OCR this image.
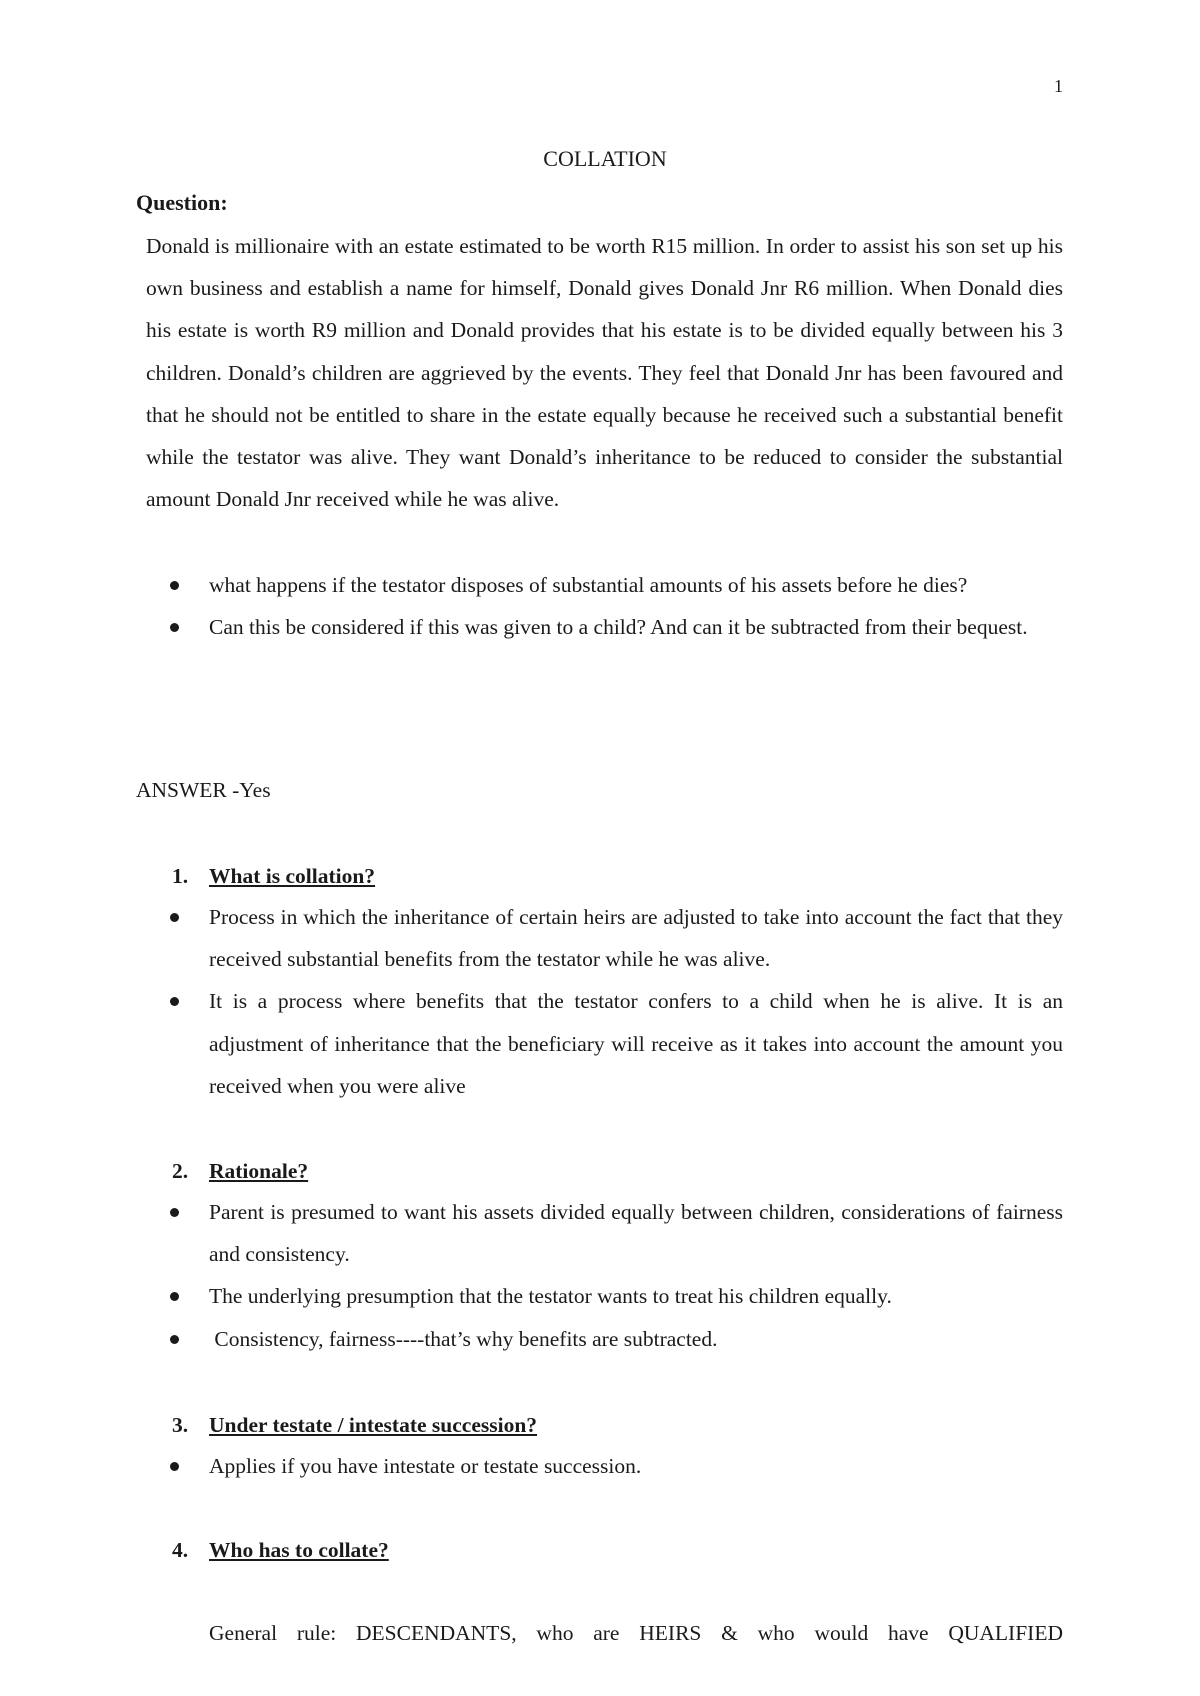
1
COLLATION
Question:

Donald is millionaire with an estate estimated to be worth R15 million. In order to assist his son set up his own business and establish a name for himself, Donald gives Donald Jnr R6 million. When Donald dies his estate is worth R9 million and Donald provides that his estate is to be divided equally between his 3 children. Donald’s children are aggrieved by the events. They feel that Donald Jnr has been favoured and that he should not be entitled to share in the estate equally because he received such a substantial benefit while the testator was alive. They want Donald’s inheritance to be reduced to consider the substantial amount Donald Jnr received while he was alive.

what happens if the testator disposes of substantial amounts of his assets before he dies?
Can this be considered if this was given to a child? And can it be subtracted from their bequest.
ANSWER -Yes
1. What is collation?
Process in which the inheritance of certain heirs are adjusted to take into account the fact that they received substantial benefits from the testator while he was alive.
It is a process where benefits that the testator confers to a child when he is alive. It is an adjustment of inheritance that the beneficiary will receive as it takes into account the amount you received when you were alive
2. Rationale?
Parent is presumed to want his assets divided equally between children, considerations of fairness and consistency.
The underlying presumption that the testator wants to treat his children equally.
Consistency, fairness----that’s why benefits are subtracted.
3. Under testate / intestate succession?
Applies if you have intestate or testate succession.
4. Who has to collate?
General rule: DESCENDANTS, who are HEIRS & who would have QUALIFIED
